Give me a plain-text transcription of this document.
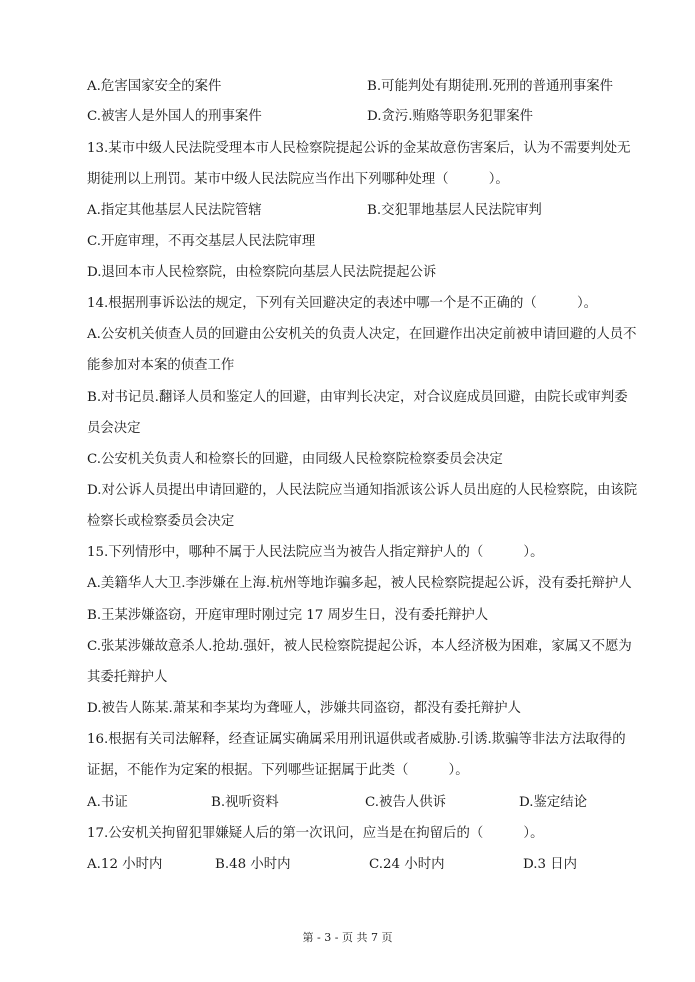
A.危害国家安全的案件	B.可能判处有期徒刑.死刑的普通刑事案件
C.被害人是外国人的刑事案件	D.贪污.贿赂等职务犯罪案件
13.某市中级人民法院受理本市人民检察院提起公诉的金某故意伤害案后，认为不需要判处无
期徒刑以上刑罚。某市中级人民法院应当作出下列哪种处理（　　　）。
A.指定其他基层人民法院管辖	B.交犯罪地基层人民法院审判
C.开庭审理，不再交基层人民法院审理
D.退回本市人民检察院，由检察院向基层人民法院提起公诉
14.根据刑事诉讼法的规定，下列有关回避决定的表述中哪一个是不正确的（　　　）。
A.公安机关侦查人员的回避由公安机关的负责人决定，在回避作出决定前被申请回避的人员不
能参加对本案的侦查工作
B.对书记员.翻译人员和鉴定人的回避，由审判长决定，对合议庭成员回避，由院长或审判委
员会决定
C.公安机关负责人和检察长的回避，由同级人民检察院检察委员会决定
D.对公诉人员提出申请回避的，人民法院应当通知指派该公诉人员出庭的人民检察院，由该院
检察长或检察委员会决定
15.下列情形中，哪种不属于人民法院应当为被告人指定辩护人的（　　　）。
A.美籍华人大卫.李涉嫌在上海.杭州等地诈骗多起，被人民检察院提起公诉，没有委托辩护人
B.王某涉嫌盗窃，开庭审理时刚过完 17 周岁生日，没有委托辩护人
C.张某涉嫌故意杀人.抢劫.强奸，被人民检察院提起公诉，本人经济极为困难，家属又不愿为
其委托辩护人
D.被告人陈某.萧某和李某均为聋哑人，涉嫌共同盗窃，都没有委托辩护人
16.根据有关司法解释，经查证属实确属采用刑讯逼供或者威胁.引诱.欺骗等非法方法取得的
证据，不能作为定案的根据。下列哪些证据属于此类（　　　）。
A.书证	B.视听资料	C.被告人供诉	D.鉴定结论
17.公安机关拘留犯罪嫌疑人后的第一次讯问，应当是在拘留后的（　　　）。
A.12 小时内	B.48 小时内	C.24 小时内	D.3 日内
第 - 3 - 页 共 7 页
